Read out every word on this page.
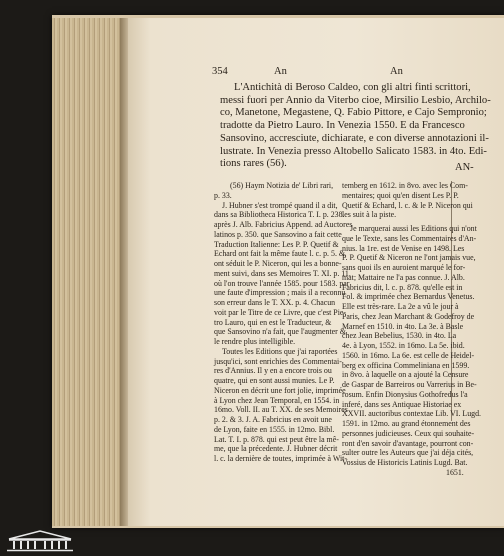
354	An	An
L'Antichità di Beroso Caldeo, con gli altri finti scrittori,
messi fuori per Annio da Viterbo cioe, Mirsilio Lesbio, Archilo-
co, Manetone, Megastene, Q. Fabio Pittore, e Cajo Sempronio;
tradotte da Pietro Lauro. In Venezia 1550. E da Francesco
Sansovino, accresciute, dichiarate, e con diverse annotazioni il-
lustrate. In Venezia presso Altobello Salicato 1583. in 4to. Edi-
tions rares (56).	AN-
(56) Haym Notizia de' Libri rari,
p. 33.
J. Hubner s'est trompé quand il a dit,
dans sa Bibliotheca Historica T. I. p. 238.
après J. Alb. Fabricius Append. ad Auctores
latinos p. 350. que Sansovino a fait cette
Traduction Italienne: Les P. P. Quetif &
Echard ont fait la même faute l. c. p. 5. &
ont séduit le P. Niceron, qui les a bonne-
ment suivi, dans ses Memoires T. XI. p. 11.
où l'on trouve l'année 1585. pour 1583. par
une faute d'impression ; mais il a reconnu
son erreur dans le T. XX. p. 4. Chacun
voit par le Titre de ce Livre, que c'est Pie-
tro Lauro, qui en est le Traducteur, &
que Sansovino n'a fait, que l'augmenter &
le rendre plus intelligible.
Toutes les Editions que j'ai raportées
jusqu'ici, sont enrichies des Commentai-
res d'Annius. Il y en a encore trois ou
quatre, qui en sont aussi munies. Le P.
Niceron en décrit une fort jolie, imprimée
à Lyon chez Jean Temporal, en 1554. in
16mo. Voll. II. au T. XX. de ses Memoires
p. 2. & 3. J. A. Fabricius en avoit une
de Lyon, faite en 1555. in 12mo. Bibl.
Lat. T. I. p. 878. qui est peut être la mê-
me, que la précedente. J. Hubner décrit
l. c. la dernière de toutes, imprimée à Wit-
temberg en 1612. in 8vo. avec les Com-
mentaires; quoi qu'en disent Les P. P.
Quetif & Echard, l. c. & le P. Niceron qui
les suit à la piste.
Je marquerai aussi les Editions qui n'ont
que le Texte, sans les Commentaires d'An-
nius. la 1re. est de Venise en 1498. Les
P. P. Quetif & Niceron ne l'ont jamais vue,
sans quoi ils en auroient marqué le for-
mat; Mattaire ne l'a pas connue. J. Alb.
Fabricius dit, l. c. p. 878. qu'elle est in
Fol. & imprimée chez Bernardus Venetus.
Elle est très-rare. La 2e a vû le jour à
Paris, chez Jean Marchant & Godefroy de
Marnef en 1510. in 4to. La 3e. à Basle
chez Jean Bebelius, 1530. in 4to. La
4e. à Lyon, 1552. in 16mo. La 5e. ibid.
1560. in 16mo. La 6e. est celle de Heidel-
berg ex officina Commeliniana en 1599.
in 8vo. à laquelle on a ajouté la Censure
de Gaspar de Barreiros ou Varrerius in Be-
rosum. Enfin Dionysius Gothofredus l'a
inferé, dans ses Antiquae Historiae ex
XXVII. auctoribus contextae Lib. VI. Lugd.
1591. in 12mo. au grand étonnement des
personnes judicieuses. Ceux qui souhaite-
ront d'en savoir d'avantage, pourront con-
sulter outre les Auteurs que j'ai déja cités,
Vossius de Historicis Latinis Lugd. Bat.
1651.
